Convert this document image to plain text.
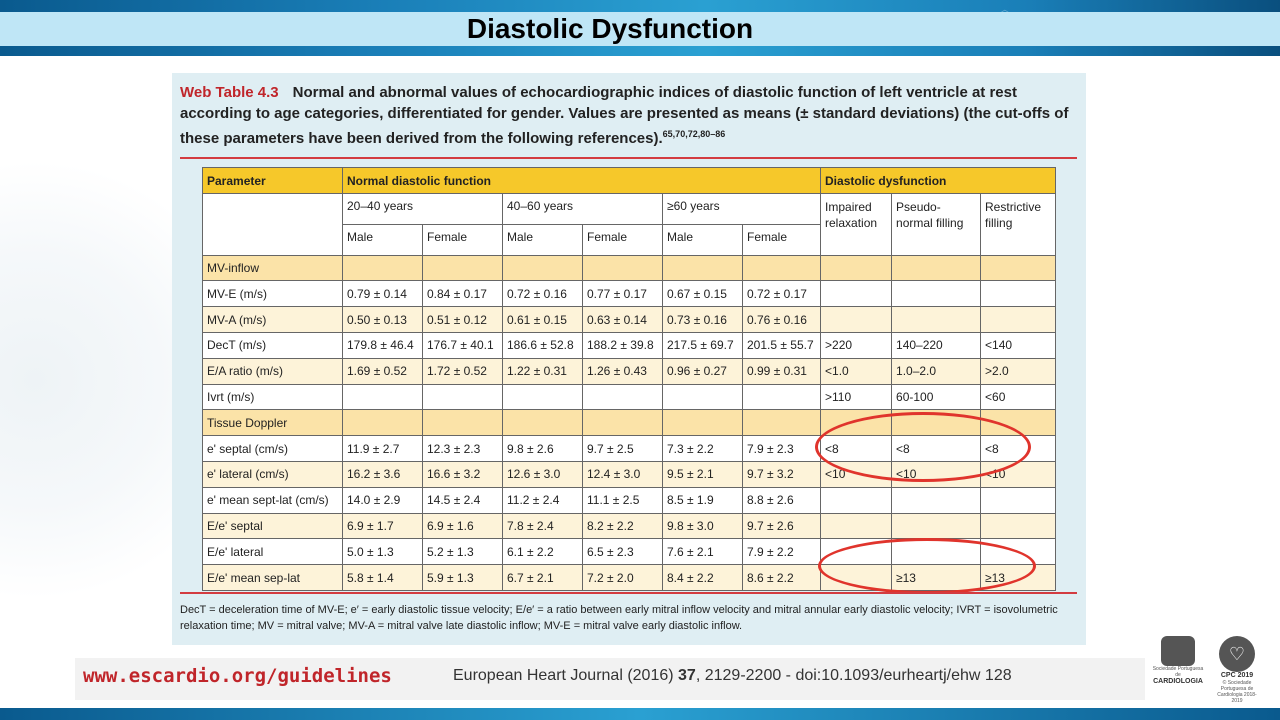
Diastolic Dysfunction
Web Table 4.3 Normal and abnormal values of echocardiographic indices of diastolic function of left ventricle at rest according to age categories, differentiated for gender. Values are presented as means (± standard deviations) (the cut-offs of these parameters have been derived from the following references).$^{65,70,72,80-86}$
Parameter	Normal diastolic function						Diastolic dysfunction		
	20–40 years		40–60 years		≥60 years		Impaired relaxation	Pseudo-normal filling	Restrictive filling
	Male	Female	Male	Female	Male	Female			
MV-inflow									
MV-E (m/s)	0.79 ± 0.14	0.84 ± 0.17	0.72 ± 0.16	0.77 ± 0.17	0.67 ± 0.15	0.72 ± 0.17			
MV-A (m/s)	0.50 ± 0.13	0.51 ± 0.12	0.61 ± 0.15	0.63 ± 0.14	0.73 ± 0.16	0.76 ± 0.16			
DecT (m/s)	179.8 ± 46.4	176.7 ± 40.1	186.6 ± 52.8	188.2 ± 39.8	217.5 ± 69.7	201.5 ± 55.7	>220	140–220	<140
E/A ratio (m/s)	1.69 ± 0.52	1.72 ± 0.52	1.22 ± 0.31	1.26 ± 0.43	0.96 ± 0.27	0.99 ± 0.31	<1.0	1.0–2.0	>2.0
Ivrt (m/s)							>110	60-100	<60
Tissue Doppler									
e' septal (cm/s)	11.9 ± 2.7	12.3 ± 2.3	9.8 ± 2.6	9.7 ± 2.5	7.3 ± 2.2	7.9 ± 2.3	<8	<8	<8
e' lateral (cm/s)	16.2 ± 3.6	16.6 ± 3.2	12.6 ± 3.0	12.4 ± 3.0	9.5 ± 2.1	9.7 ± 3.2	<10	<10	<10
e' mean sept-lat (cm/s)	14.0 ± 2.9	14.5 ± 2.4	11.2 ± 2.4	11.1 ± 2.5	8.5 ± 1.9	8.8 ± 2.6			
E/e' septal	6.9 ± 1.7	6.9 ± 1.6	7.8 ± 2.4	8.2 ± 2.2	9.8 ± 3.0	9.7 ± 2.6			
E/e' lateral	5.0 ± 1.3	5.2 ± 1.3	6.1 ± 2.2	6.5 ± 2.3	7.6 ± 2.1	7.9 ± 2.2			
E/e' mean sep-lat	5.8 ± 1.4	5.9 ± 1.3	6.7 ± 2.1	7.2 ± 2.0	8.4 ± 2.2	8.6 ± 2.2		≥13	≥13
DecT = deceleration time of MV-E; e′ = early diastolic tissue velocity; E/e′ = a ratio between early mitral inflow velocity and mitral annular early diastolic velocity; IVRT = isovolumetric relaxation time; MV = mitral valve; MV-A = mitral valve late diastolic inflow; MV-E = mitral valve early diastolic inflow.
www.escardio.org/guidelines	European Heart Journal (2016) 37, 2129-2200 - doi:10.1093/eurheartj/ehw 128	Sociedade Portuguesa de
CARDIOLOGIA
♡
CPC 2019
© Sociedade Portuguesa de Cardiologia 2018-2019
